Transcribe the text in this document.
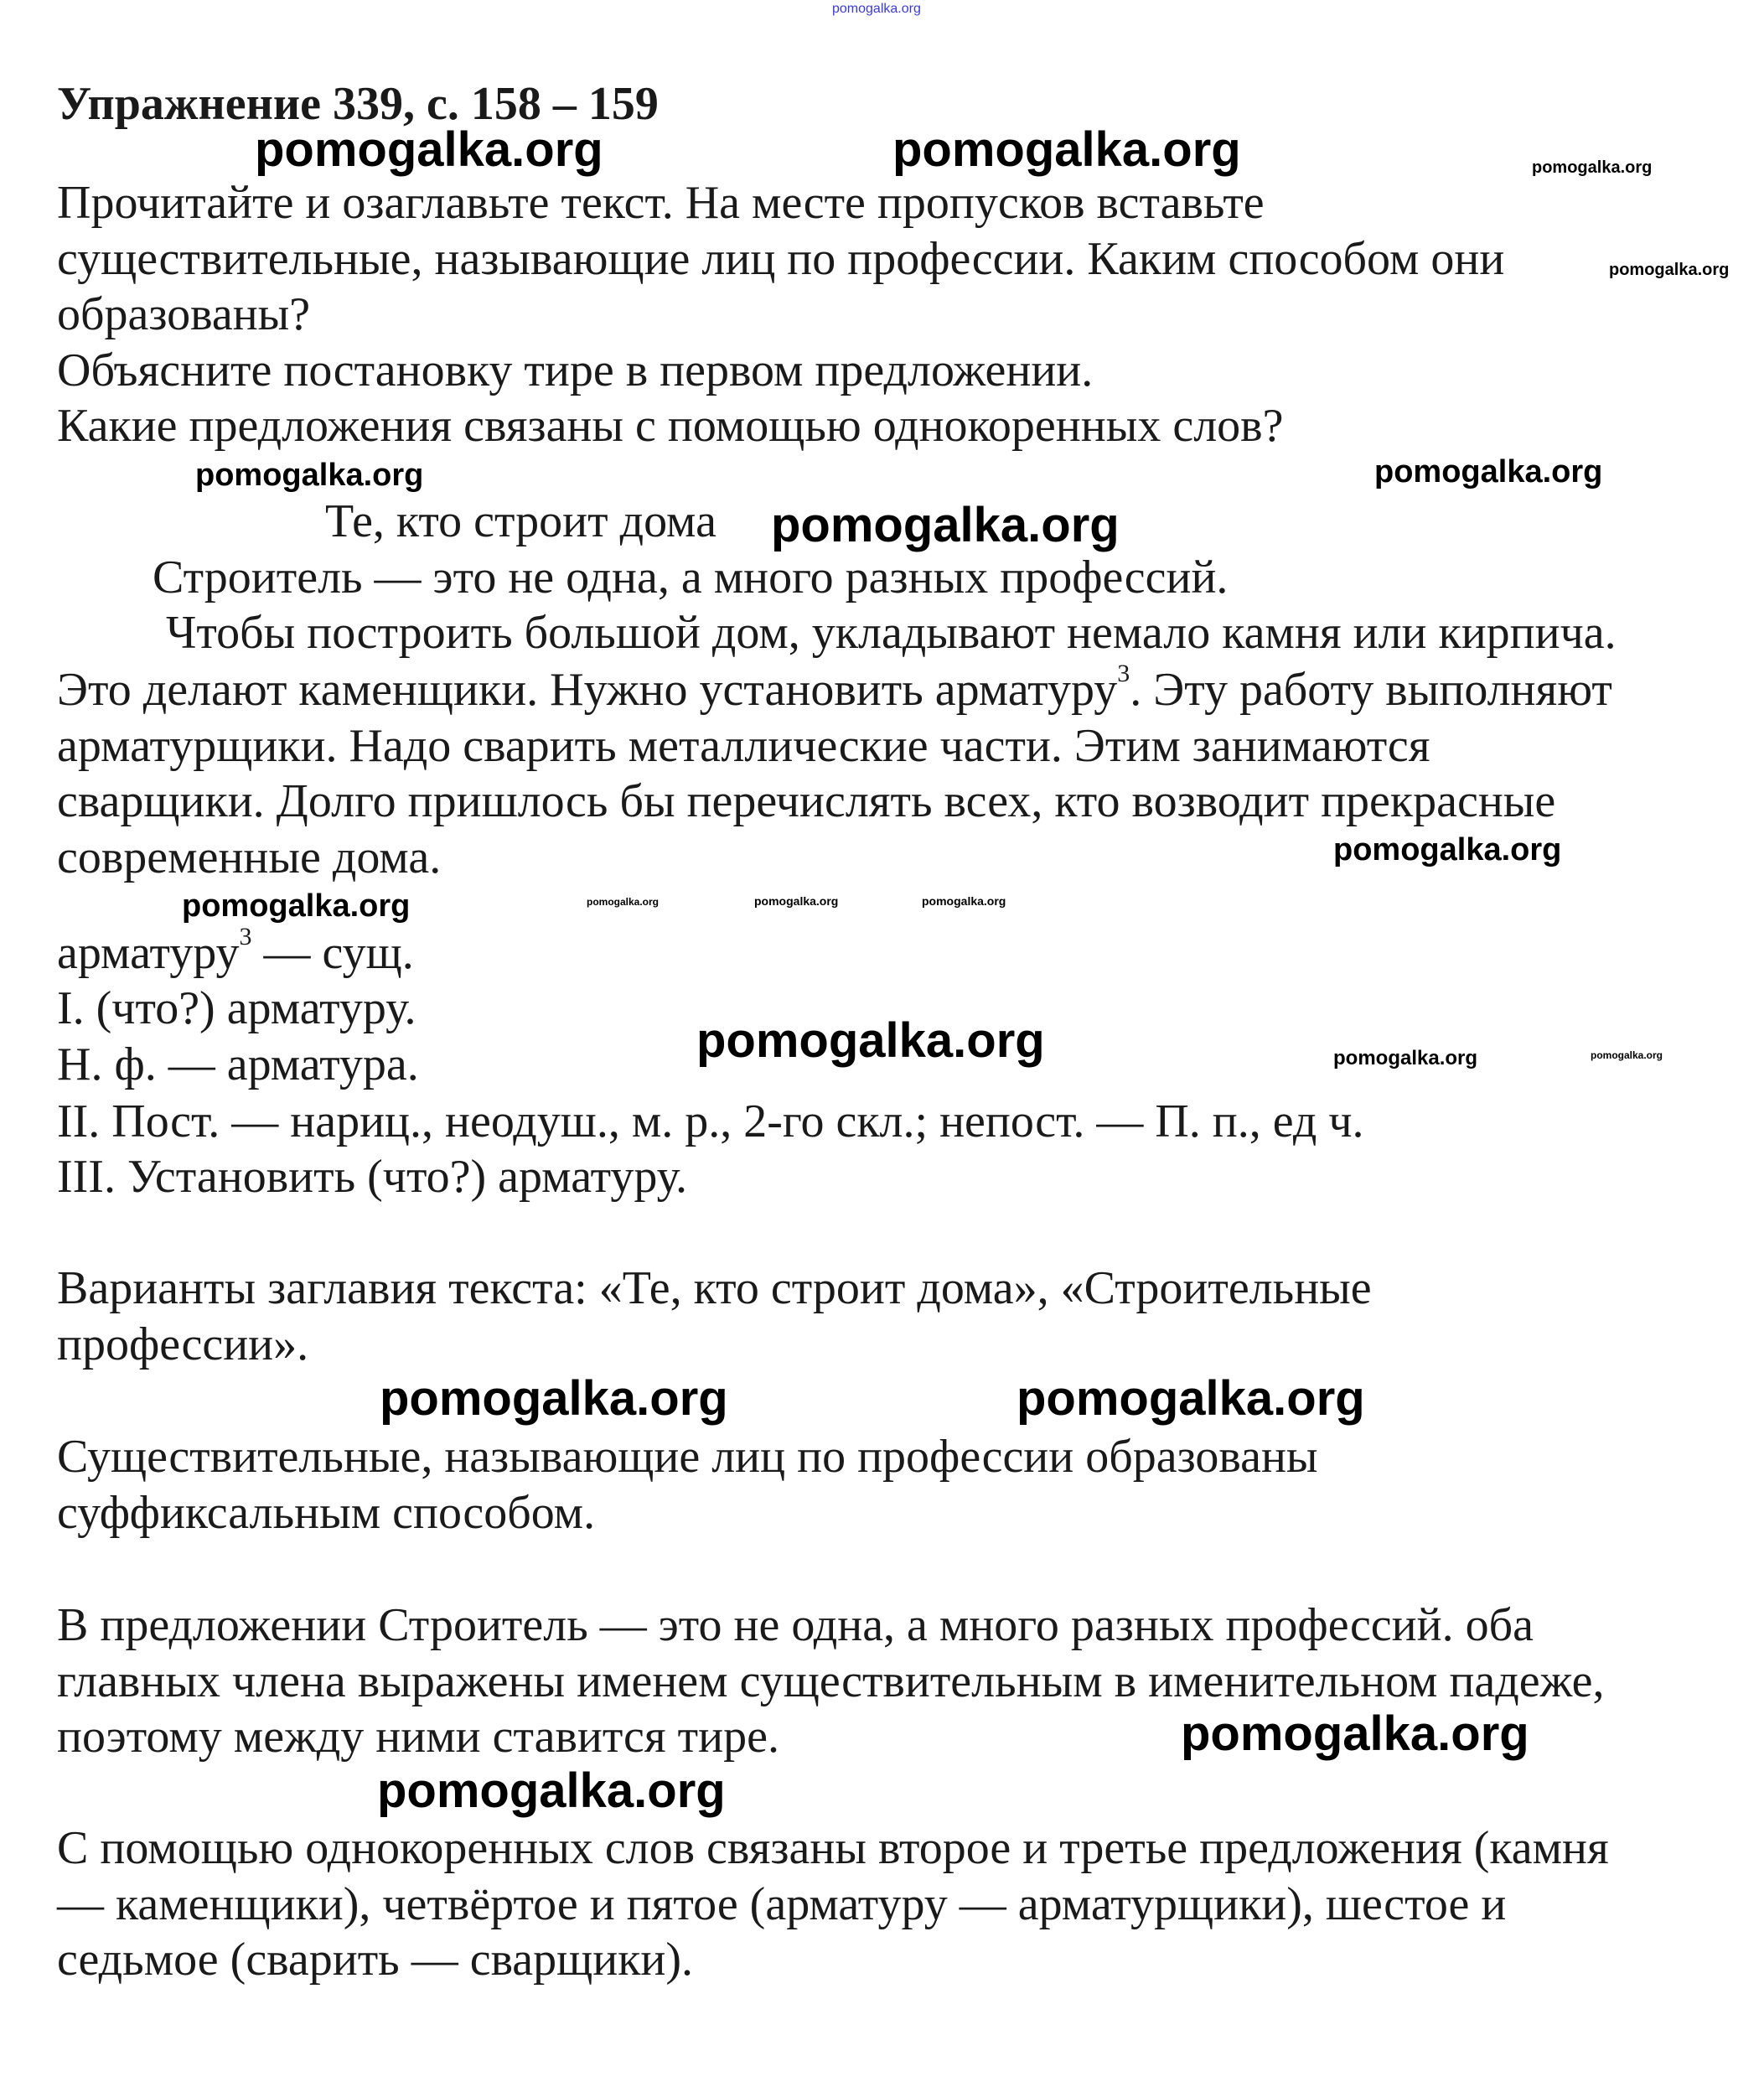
pomogalka.org
Упражнение 339, с. 158 – 159
Прочитайте и озаглавьте текст. На месте пропусков вставьте
существительные, называющие лиц по профессии. Каким способом они
образованы?
Объясните постановку тире в первом предложении.
Какие предложения связаны с помощью однокоренных слов?
Те, кто строит дома
Строитель — это не одна, а много разных профессий.
Чтобы построить большой дом, укладывают немало камня или кирпича.
Это делают каменщики. Нужно установить арматуру$^3$. Эту работу выполняют
арматурщики. Надо сварить металлические части. Этим занимаются
сварщики. Долго пришлось бы перечислять всех, кто возводит прекрасные
современные дома.
арматуру$^3$ — сущ.
I. (что?) арматуру.
Н. ф. — арматура.
II. Пост. — нариц., неодуш., м. р., 2-го скл.; непост. — П. п., ед ч.
III. Установить (что?) арматуру.
Варианты заглавия текста: «Те, кто строит дома», «Строительные
профессии».
Существительные, называющие лиц по профессии образованы
суффиксальным способом.
В предложении Строитель — это не одна, а много разных профессий. оба
главных члена выражены именем существительным в именительном падеже,
поэтому между ними ставится тире.
С помощью однокоренных слов связаны второе и третье предложения (камня
— каменщики), четвёртое и пятое (арматуру — арматурщики), шестое и
седьмое (сварить — сварщики).
pomogalka.org	pomogalka.org	pomogalka.org
pomogalka.org
pomogalka.org	pomogalka.org
pomogalka.org
pomogalka.org	pomogalka.org	pomogalka.org
pomogalka.org
pomogalka.org
pomogalka.org	pomogalka.org	pomogalka.org
pomogalka.org	pomogalka.org
pomogalka.org
pomogalka.org
